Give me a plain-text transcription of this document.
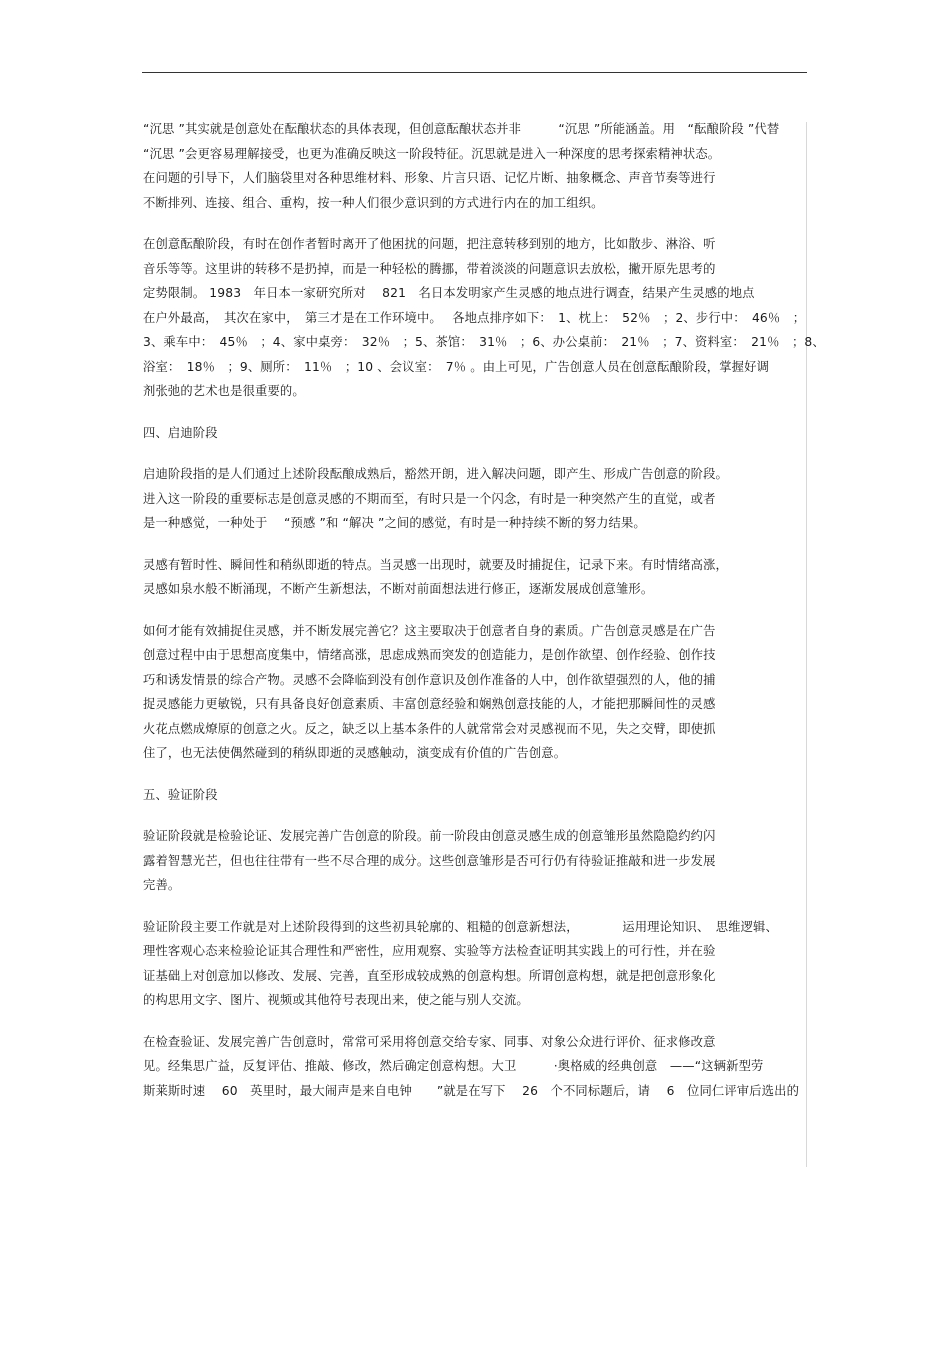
“沉思 ”其实就是创意处在酝酿状态的具体表现，但创意酝酿状态并非　　　“沉思 ”所能涵盖。用　“酝酿阶段 ”代替
“沉思 ”会更容易理解接受，也更为准确反映这一阶段特征。沉思就是进入一种深度的思考探索精神状态。
在问题的引导下，人们脑袋里对各种思维材料、形象、片言只语、记忆片断、抽象概念、声音节奏等进行
不断排列、连接、组合、重构，按一种人们很少意识到的方式进行内在的加工组织。
在创意酝酿阶段，有时在创作者暂时离开了他困扰的问题，把注意转移到别的地方，比如散步、淋浴、听
音乐等等。这里讲的转移不是扔掉，而是一种轻松的腾挪，带着淡淡的问题意识去放松，撇开原先思考的
定势限制。 1983　年日本一家研究所对　 821　名日本发明家产生灵感的地点进行调查，结果产生灵感的地点
在户外最高，　其次在家中，　第三才是在工作环境中。　 各地点排序如下：　1、枕上：　52％　；2、步行中：　46％　；
3、乘车中：　45％　；4、家中桌旁：　32％　；5、茶馆：　31％　；6、办公桌前：　21％　；7、资料室：　21％　；8、
浴室：　18％　；9、厕所：　11％　；10 、会议室：　7％ 。由上可见，广告创意人员在创意酝酿阶段，掌握好调
剂张弛的艺术也是很重要的。
四、启迪阶段
启迪阶段指的是人们通过上述阶段酝酿成熟后，豁然开朗，进入解决问题，即产生、形成广告创意的阶段。
进入这一阶段的重要标志是创意灵感的不期而至，有时只是一个闪念，有时是一种突然产生的直觉，或者
是一种感觉，一种处于　 “预感 ”和 “解决 ”之间的感觉，有时是一种持续不断的努力结果。
灵感有暂时性、瞬间性和稍纵即逝的特点。当灵感一出现时，就要及时捕捉住，记录下来。有时情绪高涨，
灵感如泉水般不断涌现，不断产生新想法，不断对前面想法进行修正，逐渐发展成创意雏形。
如何才能有效捕捉住灵感，并不断发展完善它？这主要取决于创意者自身的素质。广告创意灵感是在广告
创意过程中由于思想高度集中，情绪高涨，思虑成熟而突发的创造能力，是创作欲望、创作经验、创作技
巧和诱发情景的综合产物。灵感不会降临到没有创作意识及创作准备的人中，创作欲望强烈的人，他的捕
捉灵感能力更敏锐，只有具备良好创意素质、丰富创意经验和娴熟创意技能的人，才能把那瞬间性的灵感
火花点燃成燎原的创意之火。反之，缺乏以上基本条件的人就常常会对灵感视而不见，失之交臂，即使抓
住了，也无法使偶然碰到的稍纵即逝的灵感触动，演变成有价值的广告创意。
五、验证阶段
验证阶段就是检验论证、发展完善广告创意的阶段。前一阶段由创意灵感生成的创意雏形虽然隐隐约约闪
露着智慧光芒，但也往往带有一些不尽合理的成分。这些创意雏形是否可行仍有待验证推敲和进一步发展
完善。
验证阶段主要工作就是对上述阶段得到的这些初具轮廓的、粗糙的创意新想法，　　　　运用理论知识、　思维逻辑、
理性客观心态来检验论证其合理性和严密性，应用观察、实验等方法检查证明其实践上的可行性，并在验
证基础上对创意加以修改、发展、完善，直至形成较成熟的创意构想。所谓创意构想，就是把创意形象化
的构思用文字、图片、视频或其他符号表现出来，使之能与别人交流。
在检查验证、发展完善广告创意时，常常可采用将创意交给专家、同事、对象公众进行评价、征求修改意
见。经集思广益，反复评估、推敲、修改，然后确定创意构想。大卫　　　·奥格威的经典创意　——“这辆新型劳
斯莱斯时速　 60　英里时，最大闹声是来自电钟　　”就是在写下　 26　个不同标题后，请　 6　位同仁评审后选出的
